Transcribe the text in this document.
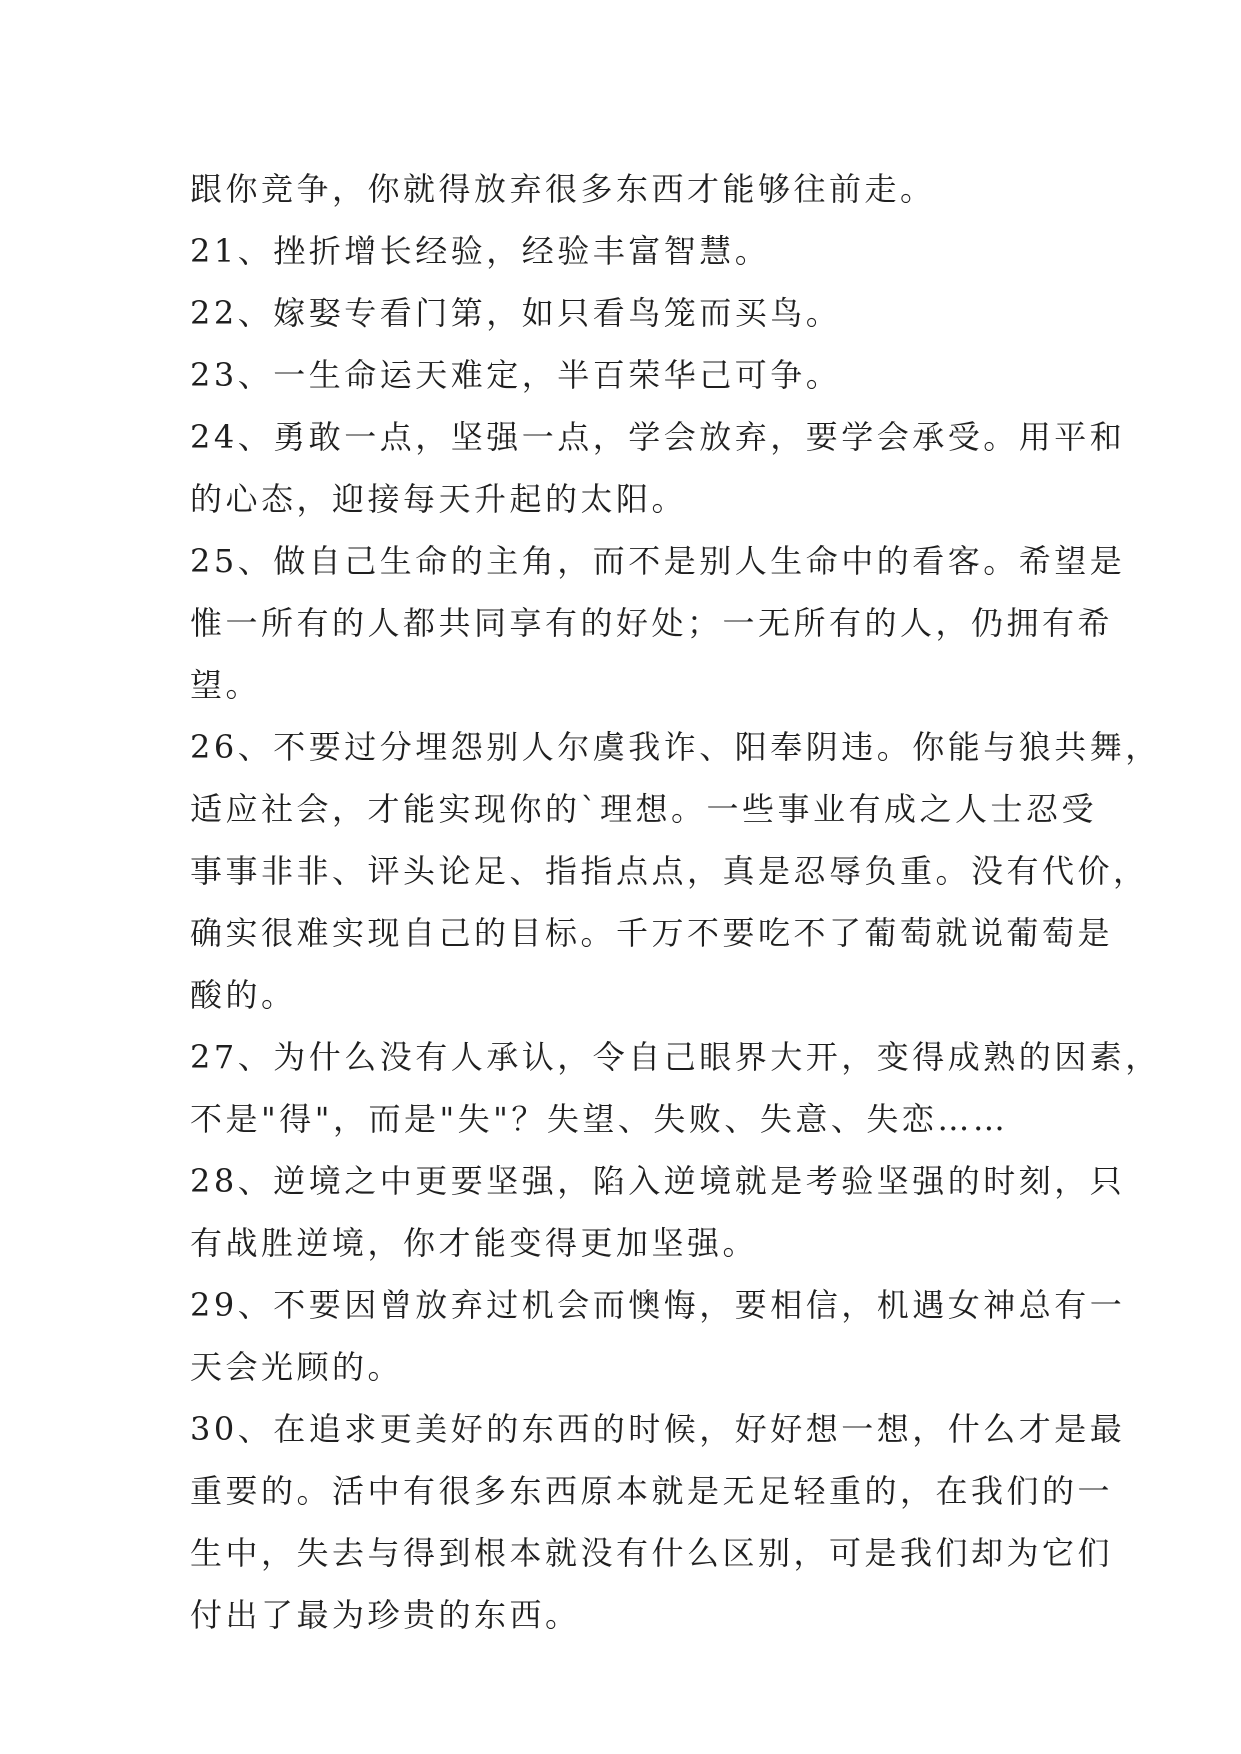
跟你竞争，你就得放弃很多东西才能够往前走。
21、挫折增长经验，经验丰富智慧。
22、嫁娶专看门第，如只看鸟笼而买鸟。
23、一生命运天难定，半百荣华己可争。
24、勇敢一点，坚强一点，学会放弃，要学会承受。用平和
的心态，迎接每天升起的太阳。
25、做自己生命的主角，而不是别人生命中的看客。希望是
惟一所有的人都共同享有的好处；一无所有的人，仍拥有希
望。
26、不要过分埋怨别人尔虞我诈、阳奉阴违。你能与狼共舞，
适应社会，才能实现你的`理想。一些事业有成之人士忍受
事事非非、评头论足、指指点点，真是忍辱负重。没有代价，
确实很难实现自己的目标。千万不要吃不了葡萄就说葡萄是
酸的。
27、为什么没有人承认，令自己眼界大开，变得成熟的因素，
不是"得"，而是"失"？失望、失败、失意、失恋……
28、逆境之中更要坚强，陷入逆境就是考验坚强的时刻，只
有战胜逆境，你才能变得更加坚强。
29、不要因曾放弃过机会而懊悔，要相信，机遇女神总有一
天会光顾的。
30、在追求更美好的东西的时候，好好想一想，什么才是最
重要的。活中有很多东西原本就是无足轻重的，在我们的一
生中，失去与得到根本就没有什么区别，可是我们却为它们
付出了最为珍贵的东西。
